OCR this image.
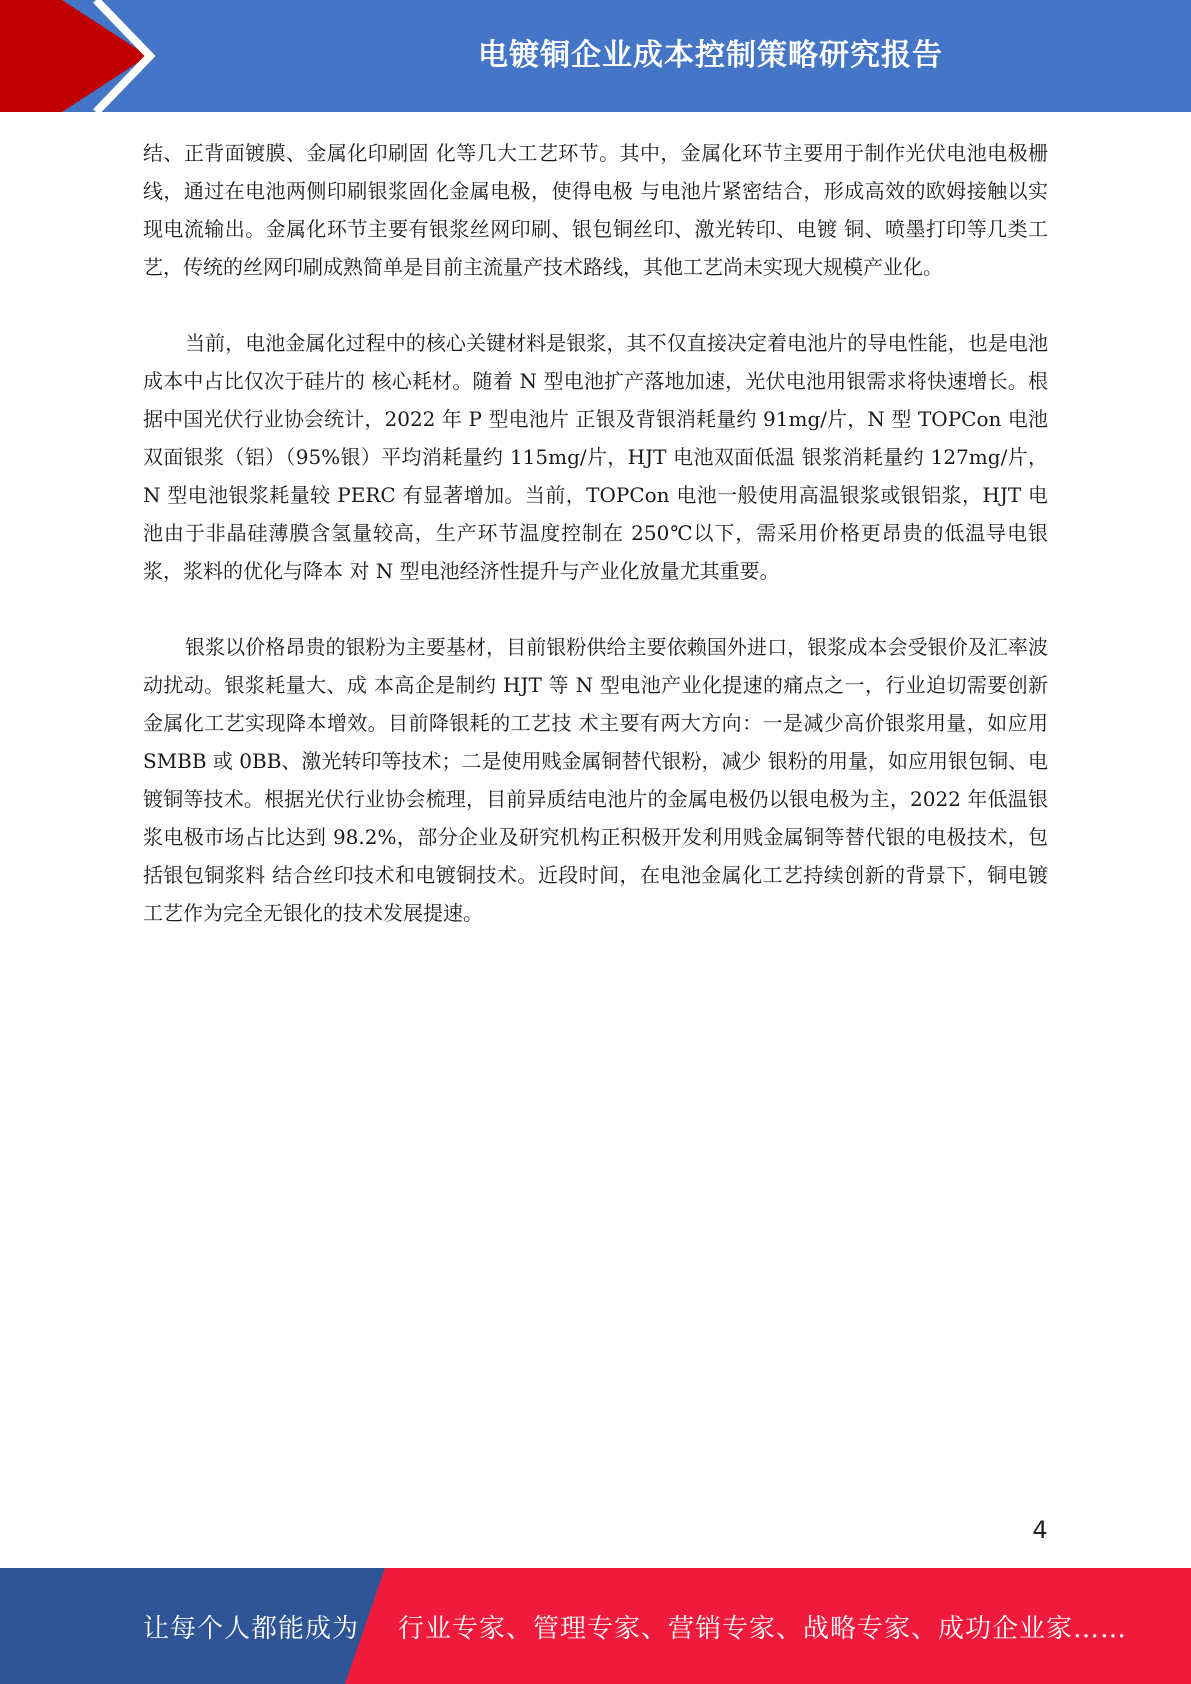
电镀铜企业成本控制策略研究报告

结、正背面镀膜、金属化印刷固 化等几大工艺环节。其中，金属化环节主要用于制作光伏电池电极栅线，通过在电池两侧印刷银浆固化金属电极，使得电极 与电池片紧密结合，形成高效的欧姆接触以实现电流输出。金属化环节主要有银浆丝网印刷、银包铜丝印、激光转印、电镀 铜、喷墨打印等几类工艺，传统的丝网印刷成熟简单是目前主流量产技术路线，其他工艺尚未实现大规模产业化。

当前，电池金属化过程中的核心关键材料是银浆，其不仅直接决定着电池片的导电性能，也是电池成本中占比仅次于硅片的 核心耗材。随着 N 型电池扩产落地加速，光伏电池用银需求将快速增长。根据中国光伏行业协会统计，2022 年 P 型电池片 正银及背银消耗量约 91mg/片，N 型 TOPCon 电池双面银浆（铝）（95%银）平均消耗量约 115mg/片，HJT 电池双面低温 银浆消耗量约 127mg/片，N 型电池银浆耗量较 PERC 有显著增加。当前，TOPCon 电池一般使用高温银浆或银铝浆，HJT 电池由于非晶硅薄膜含氢量较高，生产环节温度控制在 250℃以下，需采用价格更昂贵的低温导电银浆，浆料的优化与降本 对 N 型电池经济性提升与产业化放量尤其重要。

银浆以价格昂贵的银粉为主要基材，目前银粉供给主要依赖国外进口，银浆成本会受银价及汇率波动扰动。银浆耗量大、成 本高企是制约 HJT 等 N 型电池产业化提速的痛点之一，行业迫切需要创新金属化工艺实现降本增效。目前降银耗的工艺技 术主要有两大方向：一是减少高价银浆用量，如应用 SMBB 或 0BB、激光转印等技术；二是使用贱金属铜替代银粉，减少 银粉的用量，如应用银包铜、电镀铜等技术。根据光伏行业协会梳理，目前异质结电池片的金属电极仍以银电极为主，2022 年低温银浆电极市场占比达到 98.2%，部分企业及研究机构正积极开发利用贱金属铜等替代银的电极技术，包括银包铜浆料 结合丝印技术和电镀铜技术。近段时间，在电池金属化工艺持续创新的背景下，铜电镀工艺作为完全无银化的技术发展提速。

4
让每个人都能成为 行业专家、管理专家、营销专家、战略专家、成功企业家……
